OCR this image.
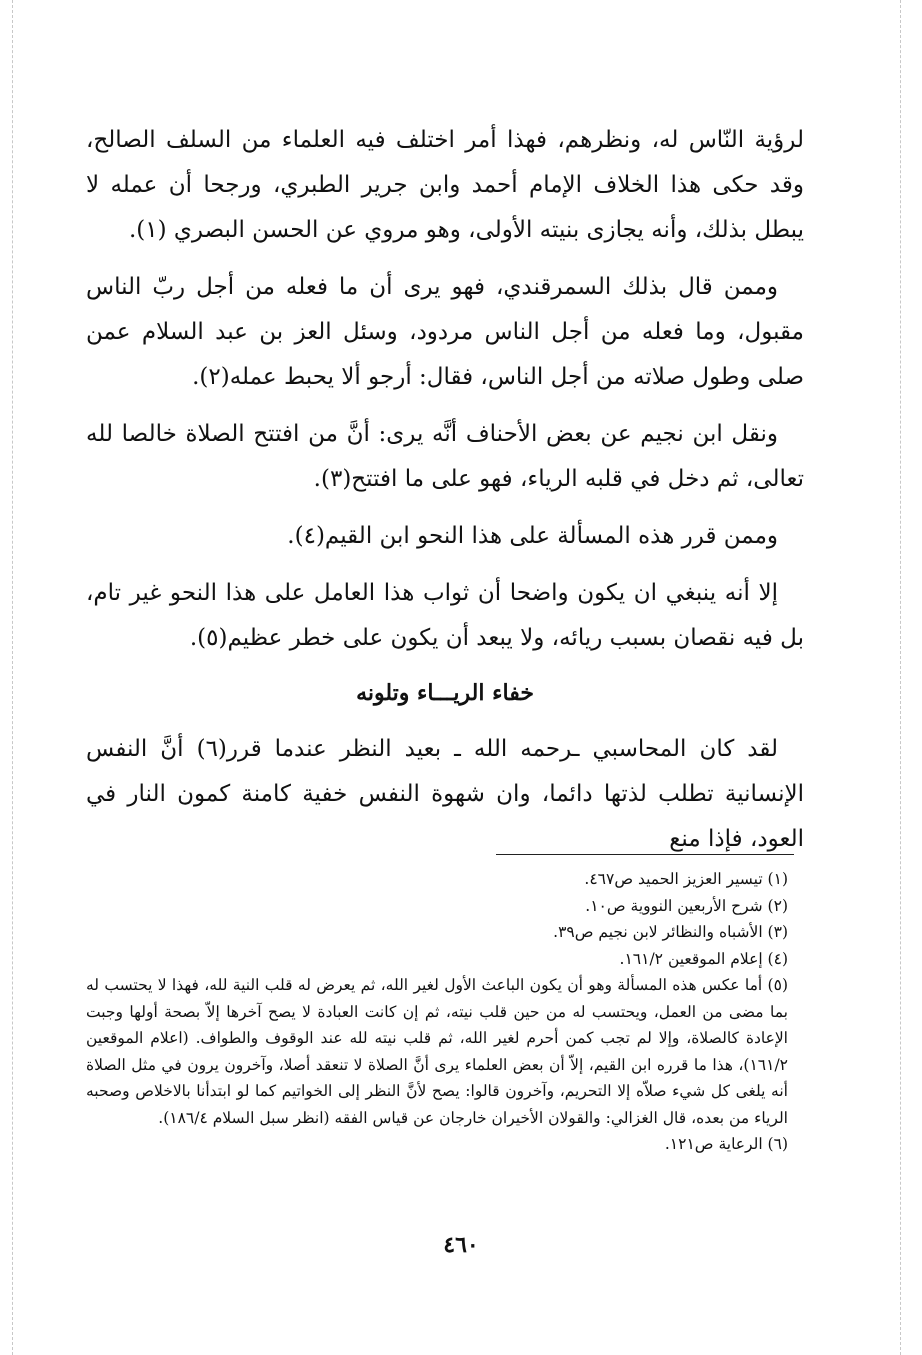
لرؤية النّاس له، ونظرهم، فهذا أمر اختلف فيه العلماء من السلف الصالح، وقد حكى هذا الخلاف الإمام أحمد وابن جرير الطبري، ورجحا أن عمله لا يبطل بذلك، وأنه يجازى بنيته الأولى، وهو مروي عن الحسن البصري (١).

وممن قال بذلك السمرقندي، فهو يرى أن ما فعله من أجل ربّ الناس مقبول، وما فعله من أجل الناس مردود، وسئل العز بن عبد السلام عمن صلى وطول صلاته من أجل الناس، فقال: أرجو ألا يحبط عمله(٢).

ونقل ابن نجيم عن بعض الأحناف أنَّه يرى: أنَّ من افتتح الصلاة خالصا لله تعالى، ثم دخل في قلبه الرياء، فهو على ما افتتح(٣).

وممن قرر هذه المسألة على هذا النحو ابن القيم(٤).

إلا أنه ينبغي ان يكون واضحا أن ثواب هذا العامل على هذا النحو غير تام، بل فيه نقصان بسبب ريائه، ولا يبعد أن يكون على خطر عظيم(٥).

خفاء الريـــاء وتلونه

لقد كان المحاسبي ـرحمه الله ـ بعيد النظر عندما قرر(٦) أنَّ النفس الإنسانية تطلب لذتها دائما، وان شهوة النفس خفية كامنة كمون النار في العود، فإذا منع

(١) تيسير العزيز الحميد ص٤٦٧.

(٢) شرح الأربعين النووية ص١٠.

(٣) الأشباه والنظائر لابن نجيم ص٣٩.

(٤) إعلام الموقعين ١٦١/٢.

(٥) أما عكس هذه المسألة وهو أن يكون الباعث الأول لغير الله، ثم يعرض له قلب النية لله، فهذا لا يحتسب له بما مضى من العمل، ويحتسب له من حين قلب نيته، ثم إن كانت العبادة لا يصح آخرها إلاّ بصحة أولها وجبت الإعادة كالصلاة، وإلا لم تجب كمن أحرم لغير الله، ثم قلب نيته لله عند الوقوف والطواف. (اعلام الموقعين ١٦١/٢)، هذا ما قرره ابن القيم، إلاّ أن بعض العلماء يرى أنَّ الصلاة لا تنعقد أصلا، وآخرون يرون في مثل الصلاة أنه يلغى كل شيء صلاّه إلا التحريم، وآخرون قالوا: يصح لأنَّ النظر إلى الخواتيم كما لو ابتدأنا بالاخلاص وصحبه الرياء من بعده، قال الغزالي: والقولان الأخيران خارجان عن قياس الفقه (انظر سبل السلام ١٨٦/٤).

(٦) الرعاية ص١٢١.

٤٦٠
